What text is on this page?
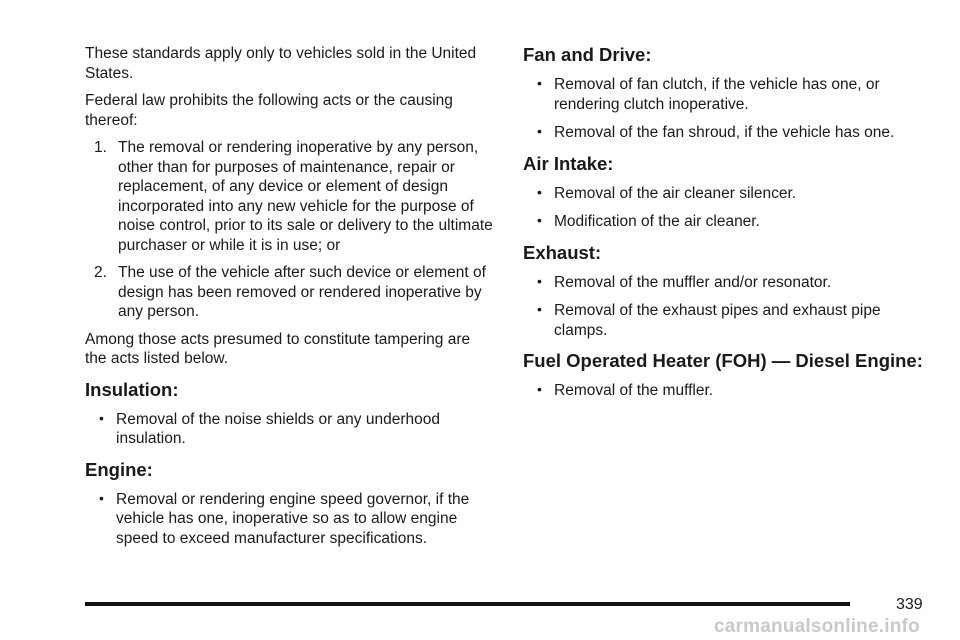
These standards apply only to vehicles sold in the United States.

Federal law prohibits the following acts or the causing thereof:

1. The removal or rendering inoperative by any person, other than for purposes of maintenance, repair or replacement, of any device or element of design incorporated into any new vehicle for the purpose of noise control, prior to its sale or delivery to the ultimate purchaser or while it is in use; or
2. The use of the vehicle after such device or element of design has been removed or rendered inoperative by any person.

Among those acts presumed to constitute tampering are the acts listed below.

Insulation:
• Removal of the noise shields or any underhood insulation.
Engine:
• Removal or rendering engine speed governor, if the vehicle has one, inoperative so as to allow engine speed to exceed manufacturer specifications.
Fan and Drive:
• Removal of fan clutch, if the vehicle has one, or rendering clutch inoperative.
• Removal of the fan shroud, if the vehicle has one.
Air Intake:
• Removal of the air cleaner silencer.
• Modification of the air cleaner.
Exhaust:
• Removal of the muffler and/or resonator.
• Removal of the exhaust pipes and exhaust pipe clamps.
Fuel Operated Heater (FOH) — Diesel Engine:
• Removal of the muffler.
339
carmanualsonline.info
